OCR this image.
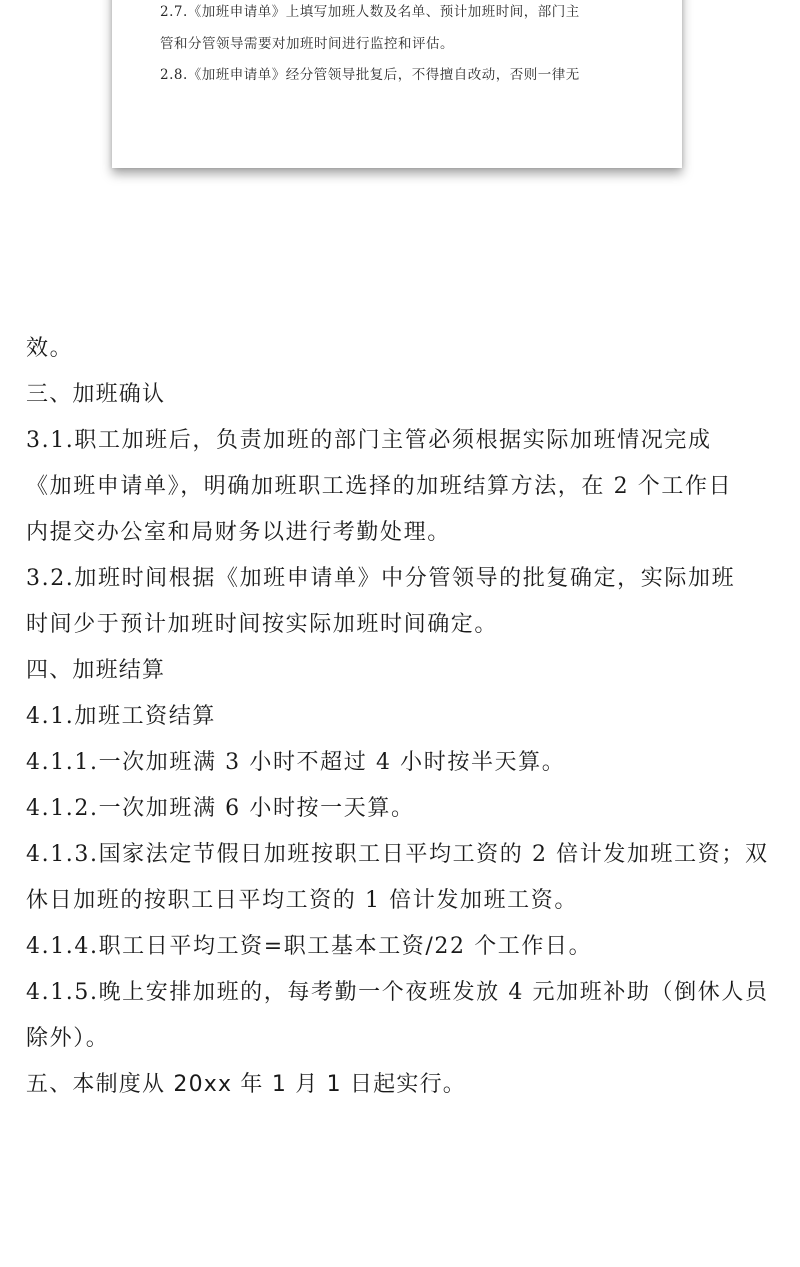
2.7.《加班申请单》上填写加班人数及名单、预计加班时间，部门主
管和分管领导需要对加班时间进行监控和评估。
2.8.《加班申请单》经分管领导批复后，不得擅自改动，否则一律无
效。
三、加班确认
3.1.职工加班后，负责加班的部门主管必须根据实际加班情况完成
《加班申请单》，明确加班职工选择的加班结算方法，在 2 个工作日
内提交办公室和局财务以进行考勤处理。
3.2.加班时间根据《加班申请单》中分管领导的批复确定，实际加班
时间少于预计加班时间按实际加班时间确定。
四、加班结算
4.1.加班工资结算
4.1.1.一次加班满 3 小时不超过 4 小时按半天算。
4.1.2.一次加班满 6 小时按一天算。
4.1.3.国家法定节假日加班按职工日平均工资的 2 倍计发加班工资；双
休日加班的按职工日平均工资的 1 倍计发加班工资。
4.1.4.职工日平均工资=职工基本工资/22 个工作日。
4.1.5.晚上安排加班的，每考勤一个夜班发放 4 元加班补助（倒休人员
除外）。
五、本制度从 20xx 年 1 月 1 日起实行。
